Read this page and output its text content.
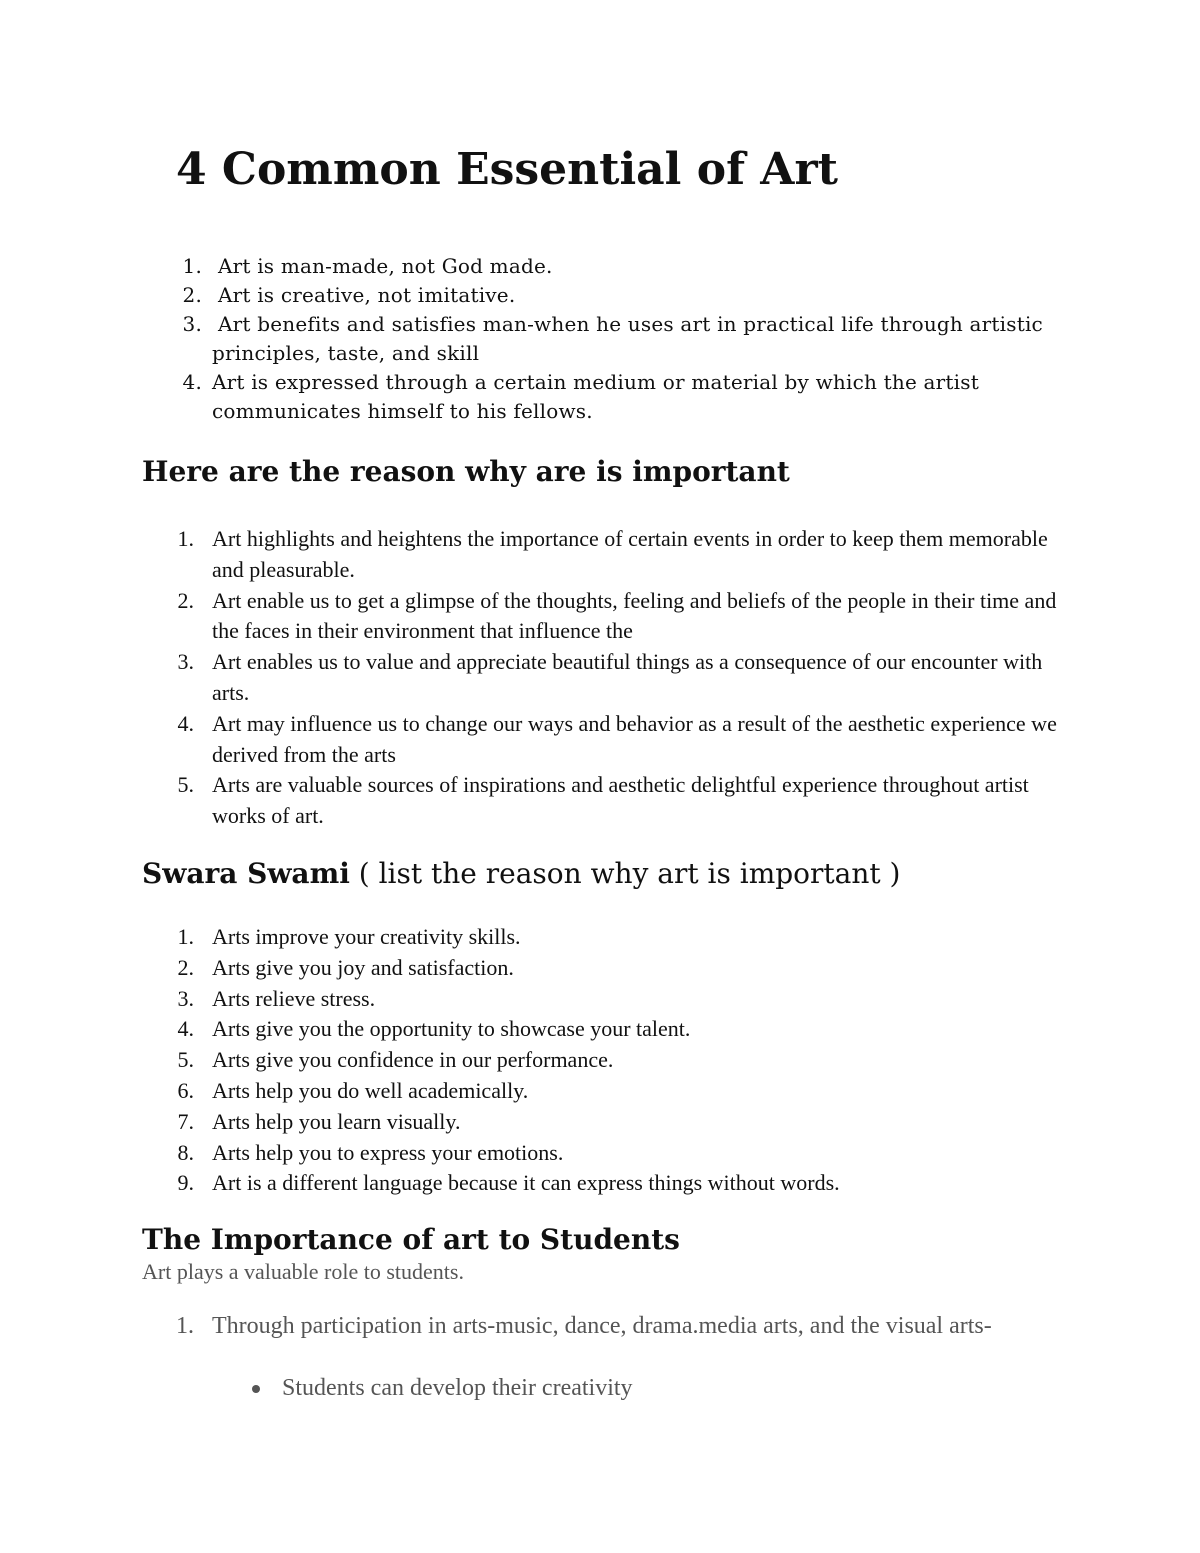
4 Common Essential of Art
1. Art is man-made, not God made.
2. Art is creative, not imitative.
3. Art benefits and satisfies man-when he uses art in practical life through artistic principles, taste, and skill
4. Art is expressed through a certain medium or material by which the artist communicates himself to his fellows.
Here are the reason why are is important
1. Art highlights and heightens the importance of certain events in order to keep them memorable and pleasurable.
2. Art enable us to get a glimpse of the thoughts, feeling and beliefs of the people in their time and the faces in their environment that influence the
3. Art enables us to value and appreciate beautiful things as a consequence of our encounter with arts.
4. Art may influence us to change our ways and behavior as a result of the aesthetic experience we derived from the arts
5. Arts are valuable sources of inspirations and aesthetic delightful experience throughout artist works of art.
Swara Swami ( list the reason why art is important )
1. Arts improve your creativity skills.
2. Arts give you joy and satisfaction.
3. Arts relieve stress.
4. Arts give you the opportunity to showcase your talent.
5. Arts give you confidence in our performance.
6. Arts help you do well academically.
7. Arts help you learn visually.
8. Arts help you to express your emotions.
9. Art is a different language because it can express things without words.
The Importance of art to Students

Art plays a valuable role to students.

1. Through participation in arts-music, dance, drama.media arts, and the visual arts-
Students can develop their creativity
